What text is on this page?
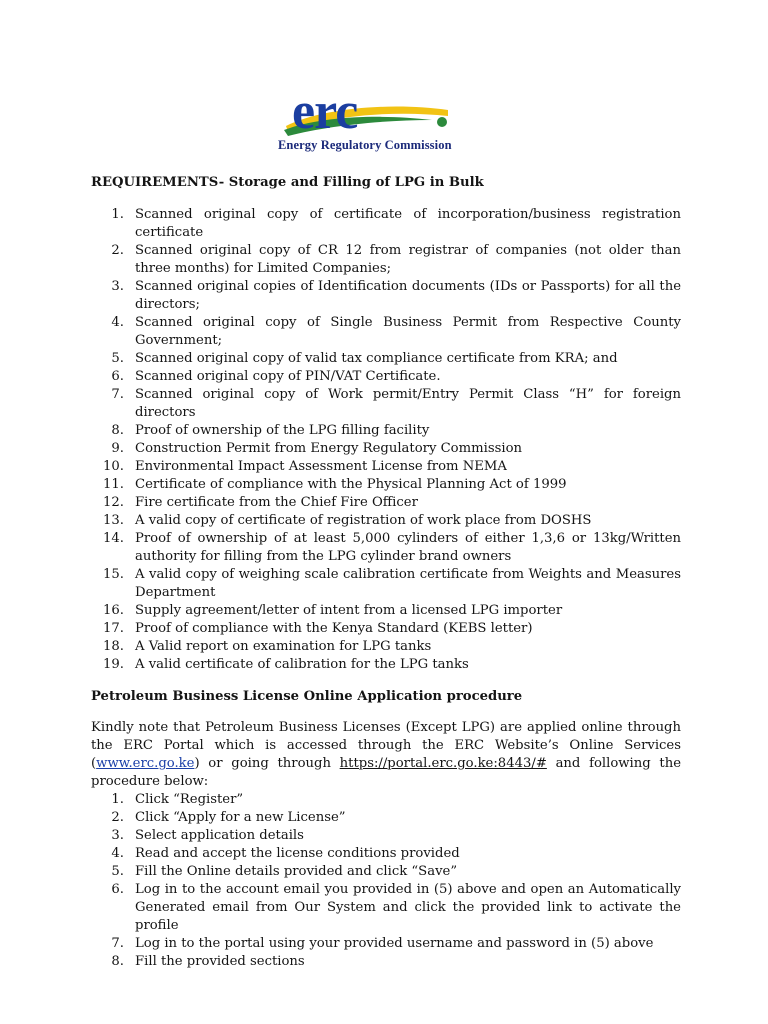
erc
Energy Regulatory Commission

REQUIREMENTS- Storage and Filling of LPG in Bulk

1. Scanned original copy of certificate of incorporation/business registration certificate
2. Scanned original copy of CR 12 from registrar of companies (not older than three months) for Limited Companies;
3. Scanned original copies of Identification documents (IDs or Passports) for all the directors;
4. Scanned original copy of Single Business Permit from Respective County Government;
5. Scanned original copy of valid tax compliance certificate from KRA; and
6. Scanned original copy of PIN/VAT Certificate.
7. Scanned original copy of Work permit/Entry Permit Class “H” for foreign directors
8. Proof of ownership of the LPG filling facility
9. Construction Permit from Energy Regulatory Commission
10. Environmental Impact Assessment License from NEMA
11. Certificate of compliance with the Physical Planning Act of 1999
12. Fire certificate from the Chief Fire Officer
13. A valid copy of certificate of registration of work place from DOSHS
14. Proof of ownership of at least 5,000 cylinders of either 1,3,6 or 13kg/Written authority for filling from the LPG cylinder brand owners
15. A valid copy of weighing scale calibration certificate from Weights and Measures Department
16. Supply agreement/letter of intent from a licensed LPG importer
17. Proof of compliance with the Kenya Standard (KEBS letter)
18. A Valid report on examination for LPG tanks
19. A valid certificate of calibration for the LPG tanks

Petroleum Business License Online Application procedure

Kindly note that Petroleum Business Licenses (Except LPG) are applied online through the ERC Portal which is accessed through the ERC Website’s Online Services (www.erc.go.ke) or going through https://portal.erc.go.ke:8443/# and following the procedure below:

1. Click “Register”
2. Click “Apply for a new License”
3. Select application details
4. Read and accept the license conditions provided
5. Fill the Online details provided and click “Save”
6. Log in to the account email you provided in (5) above and open an Automatically Generated email from Our System and click the provided link to activate the profile
7. Log in to the portal using your provided username and password in (5) above
8. Fill the provided sections
